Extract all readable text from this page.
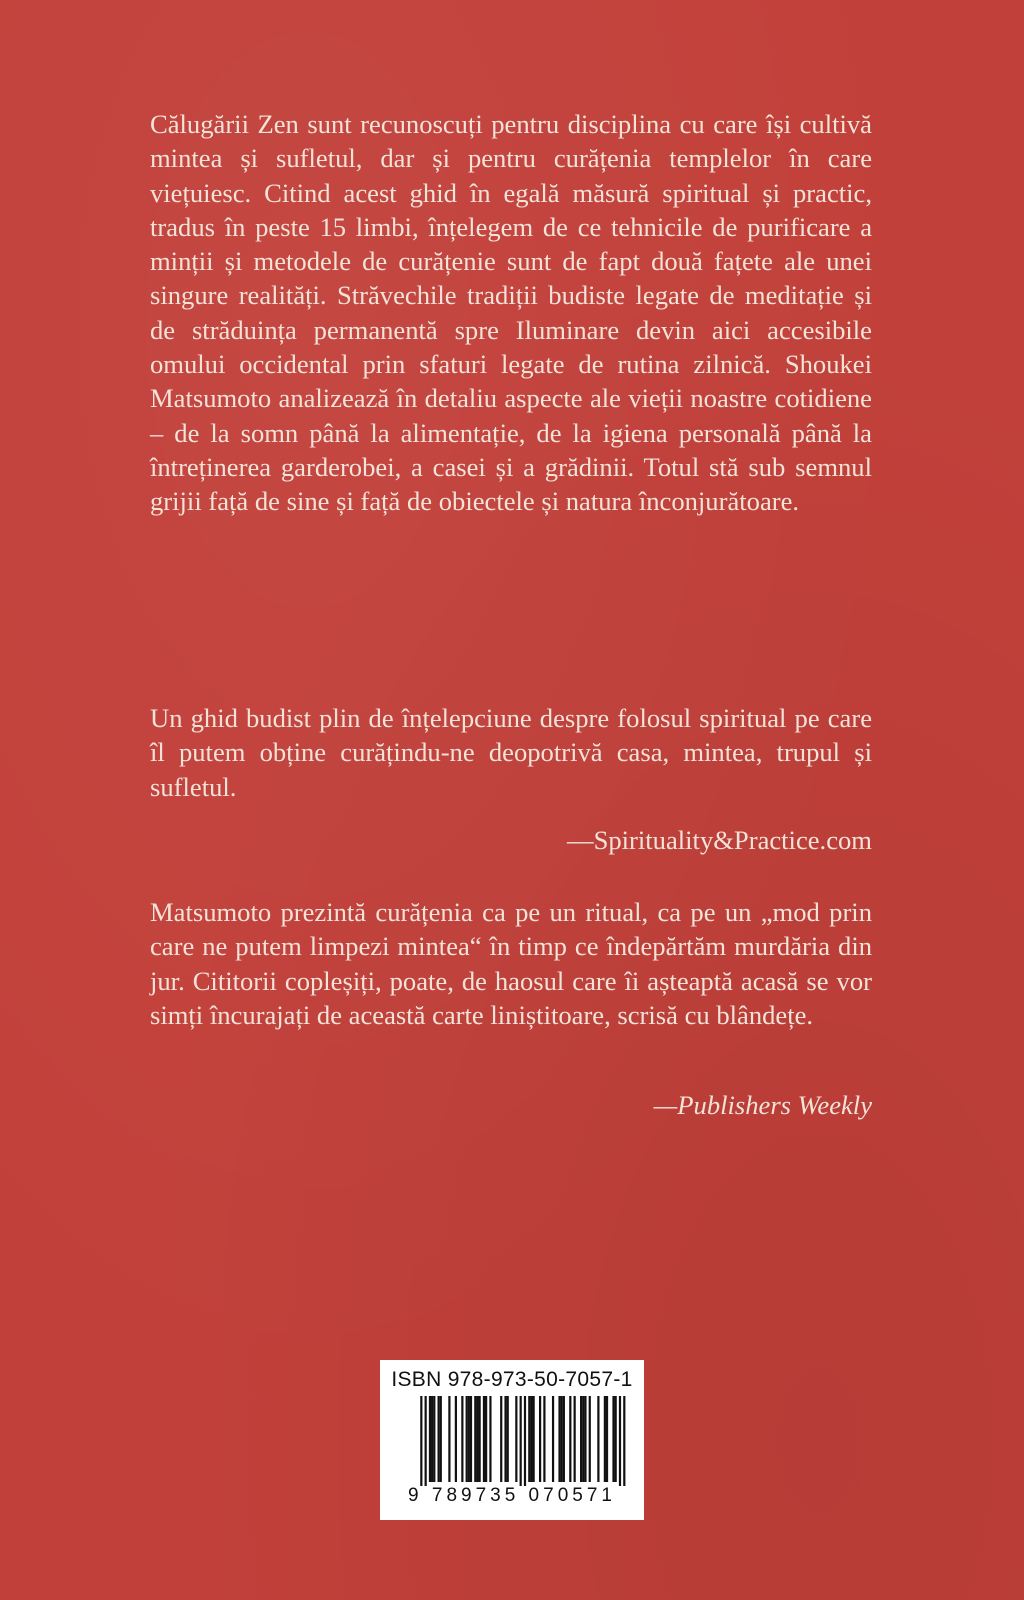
Călugării Zen sunt recunoscuți pentru disciplina cu care își cultivă mintea și sufletul, dar și pentru curățenia templelor în care viețuiesc. Citind acest ghid în egală măsură spiritual și practic, tradus în peste 15 limbi, înțelegem de ce tehnicile de purificare a minții și metodele de curățenie sunt de fapt două fațete ale unei singure realități. Străvechile tradiții budiste legate de meditație și de străduința permanentă spre Iluminare devin aici accesibile omului occidental prin sfaturi legate de rutina zilnică. Shoukei Matsumoto analizează în detaliu aspecte ale vieții noastre cotidiene – de la somn până la alimentație, de la igiena personală până la întreținerea garderobei, a casei și a grădinii. Totul stă sub semnul grijii față de sine și față de obiectele și natura înconjurătoare.

Un ghid budist plin de înțelepciune despre folosul spiritual pe care îl putem obține curățindu-ne deopotrivă casa, mintea, trupul și sufletul.

—Spirituality&Practice.com

Matsumoto prezintă curățenia ca pe un ritual, ca pe un „mod prin care ne putem limpezi mintea“ în timp ce îndepărtăm murdăria din jur. Cititorii copleșiți, poate, de haosul care îi așteaptă acasă se vor simți încurajați de această carte liniștitoare, scrisă cu blândețe.

—Publishers Weekly
ISBN 978-973-50-7057-1
9 789735 070571
